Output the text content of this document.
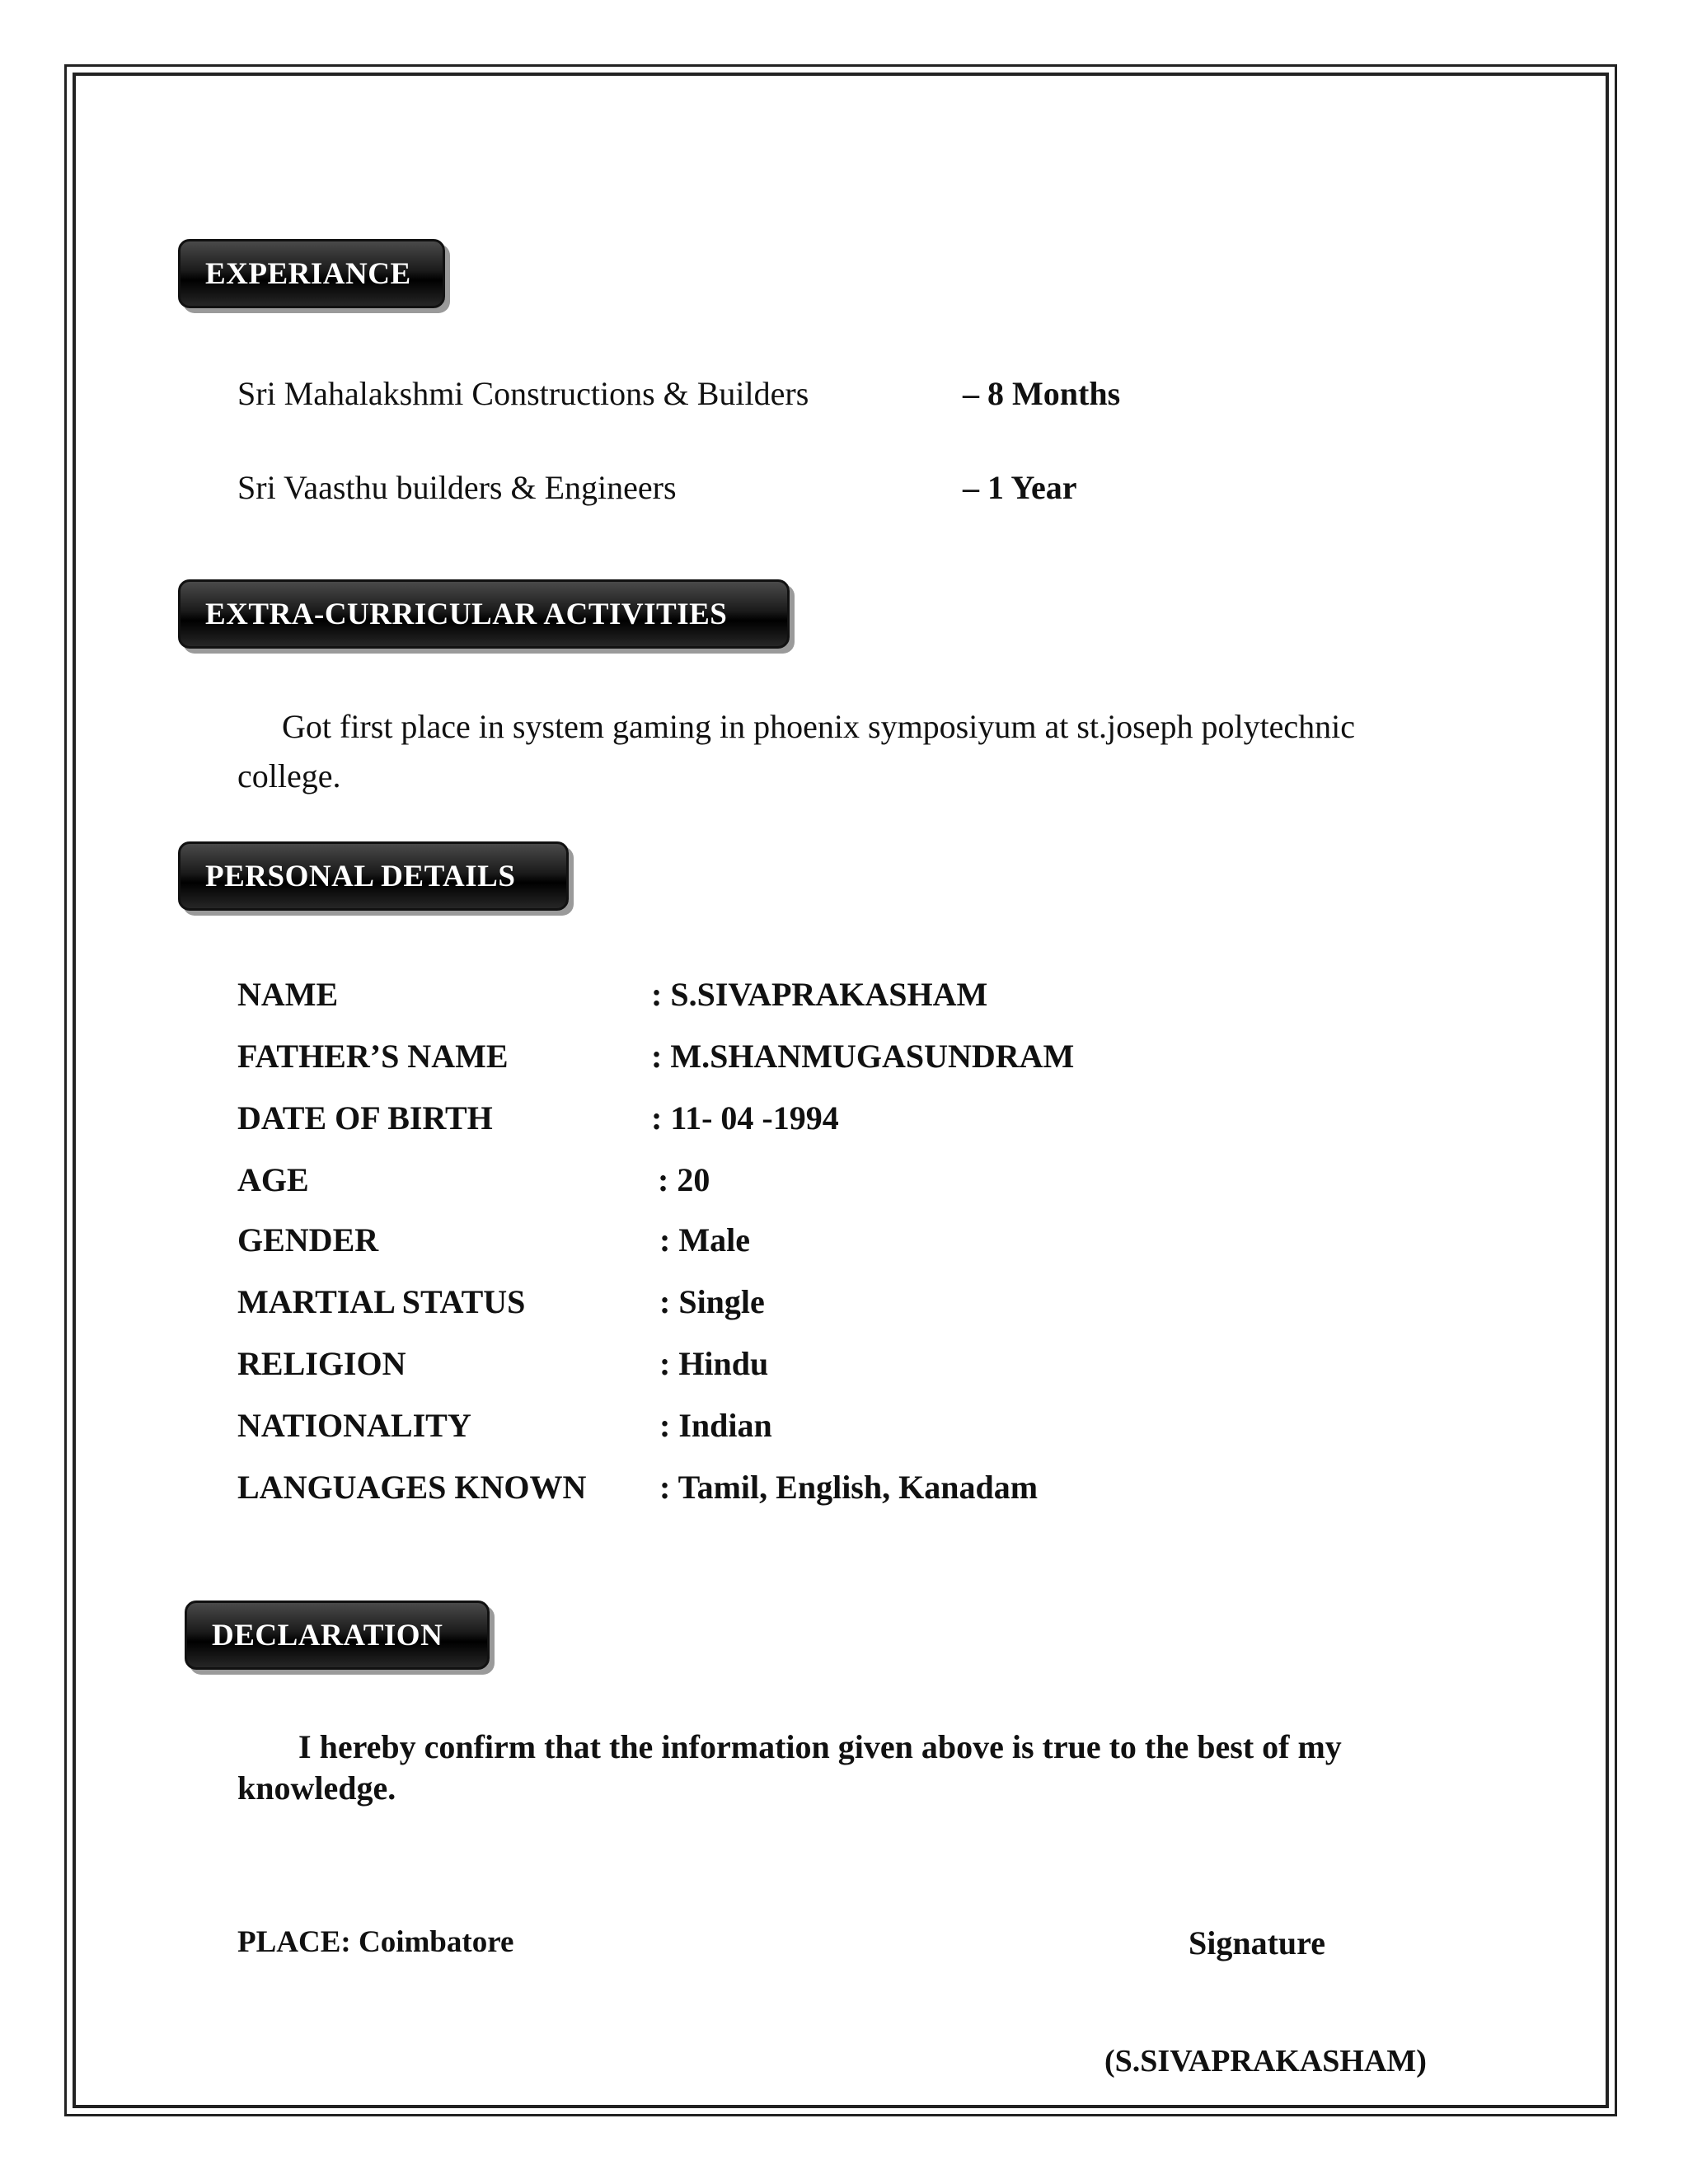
EXPERIANCE
Sri Mahalakshmi Constructions & Builders	– 8 Months
Sri Vaasthu builders & Engineers	– 1 Year
EXTRA-CURRICULAR ACTIVITIES
Got first place in system gaming in phoenix symposiyum at st.joseph polytechnic college.
PERSONAL DETAILS
NAME	: S.SIVAPRAKASHAM
FATHER’S NAME	: M.SHANMUGASUNDRAM
DATE OF BIRTH	: 11- 04 -1994
AGE	: 20
GENDER	: Male
MARTIAL STATUS	: Single
RELIGION	: Hindu
NATIONALITY	: Indian
LANGUAGES KNOWN : Tamil, English, Kanadam
DECLARATION
I hereby confirm that the information given above is true to the best of my knowledge.
PLACE: Coimbatore	Signature
(S.SIVAPRAKASHAM)
